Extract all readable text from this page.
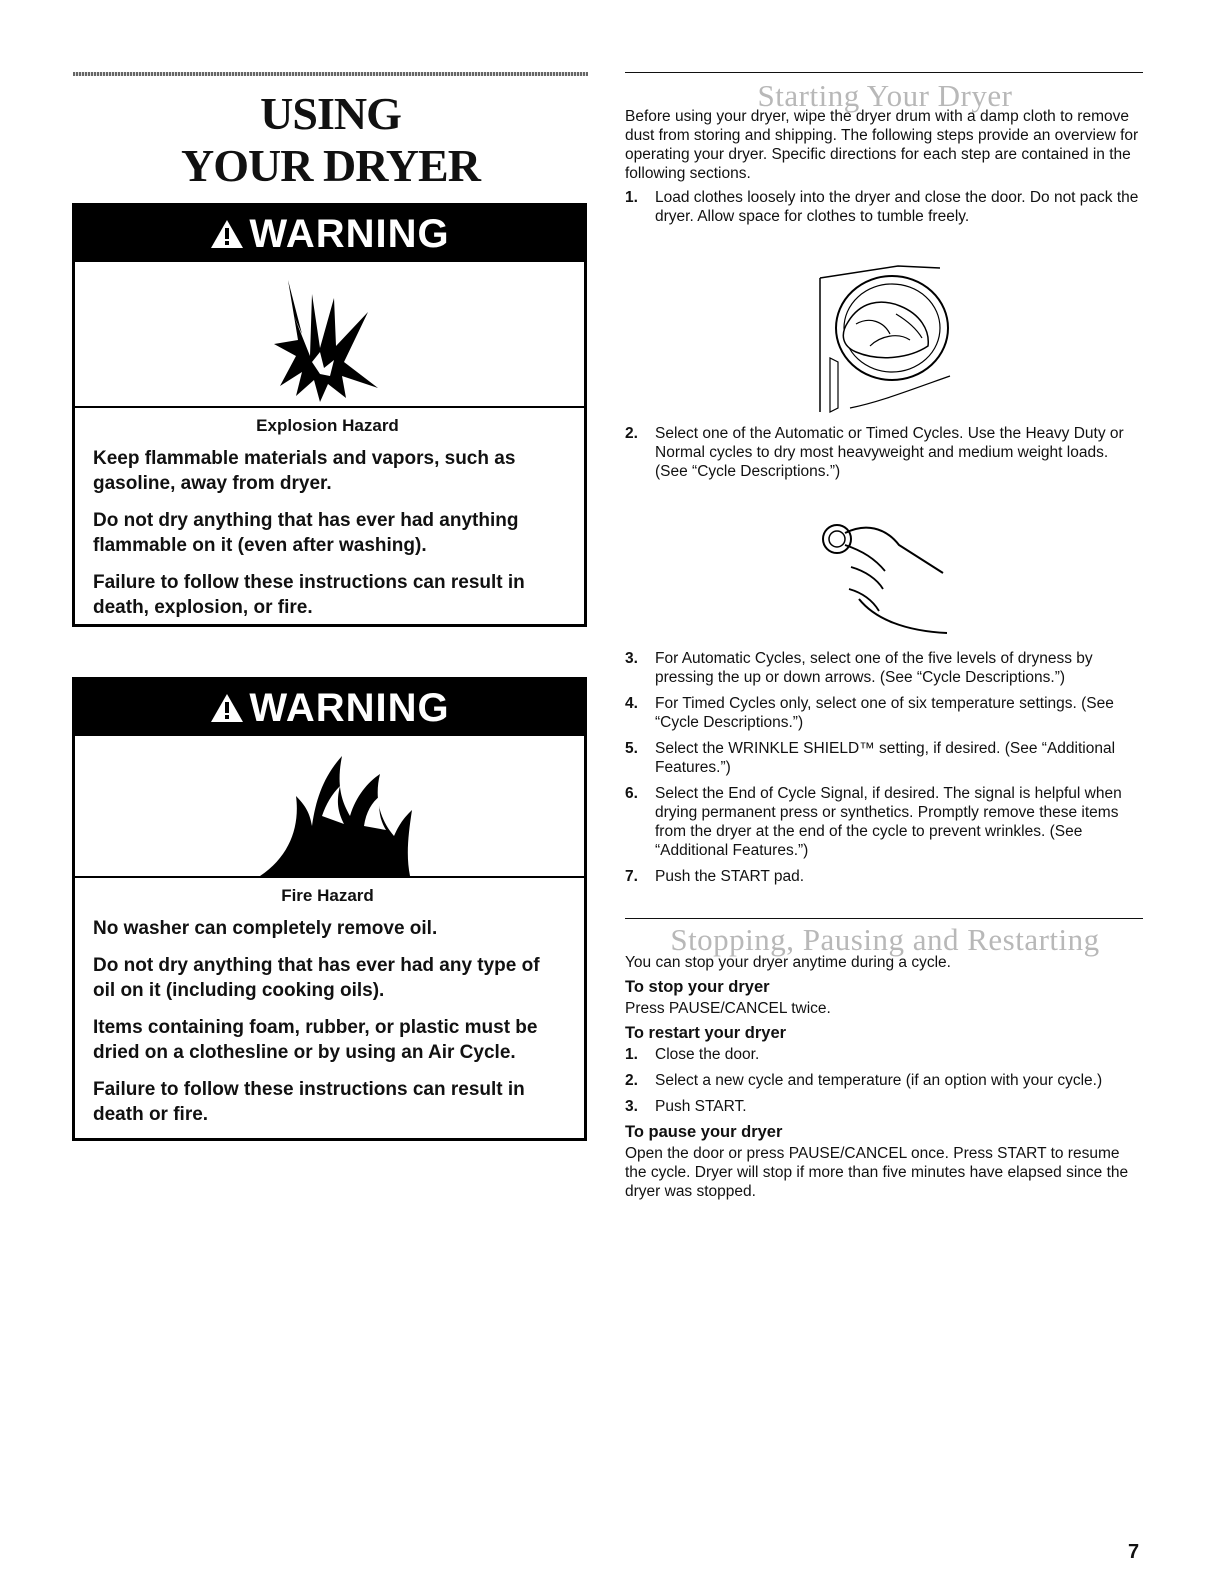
USING
YOUR DRYER
WARNING
Explosion Hazard

Keep flammable materials and vapors, such as gasoline, away from dryer.

Do not dry anything that has ever had anything flammable on it (even after washing).

Failure to follow these instructions can result in death, explosion, or fire.

WARNING
Fire Hazard

No washer can completely remove oil.

Do not dry anything that has ever had any type of oil on it (including cooking oils).

Items containing foam, rubber, or plastic must be dried on a clothesline or by using an Air Cycle.

Failure to follow these instructions can result in death or fire.

Starting Your Dryer

Before using your dryer, wipe the dryer drum with a damp cloth to remove dust from storing and shipping. The following steps provide an overview for operating your dryer. Specific directions for each step are contained in the following sections.

1.	Load clothes loosely into the dryer and close the door. Do not pack the dryer. Allow space for clothes to tumble freely.
2.	Select one of the Automatic or Timed Cycles. Use the Heavy Duty or Normal cycles to dry most heavyweight and medium weight loads. (See “Cycle Descriptions.”)
3.	For Automatic Cycles, select one of the five levels of dryness by pressing the up or down arrows. (See “Cycle Descriptions.”)
4.	For Timed Cycles only, select one of six temperature settings. (See “Cycle Descriptions.”)
5.	Select the WRINKLE SHIELD™ setting, if desired. (See “Additional Features.”)
6.	Select the End of Cycle Signal, if desired. The signal is helpful when drying permanent press or synthetics. Promptly remove these items from the dryer at the end of the cycle to prevent wrinkles. (See “Additional Features.”)
7.	Push the START pad.
Stopping, Pausing and Restarting

You can stop your dryer anytime during a cycle.

To stop your dryer

Press PAUSE/CANCEL twice.

To restart your dryer
1.	Close the door.
2.	Select a new cycle and temperature (if an option with your cycle.)
3.	Push START.
To pause your dryer

Open the door or press PAUSE/CANCEL once. Press START to resume the cycle. Dryer will stop if more than five minutes have elapsed since the dryer was stopped.

7
